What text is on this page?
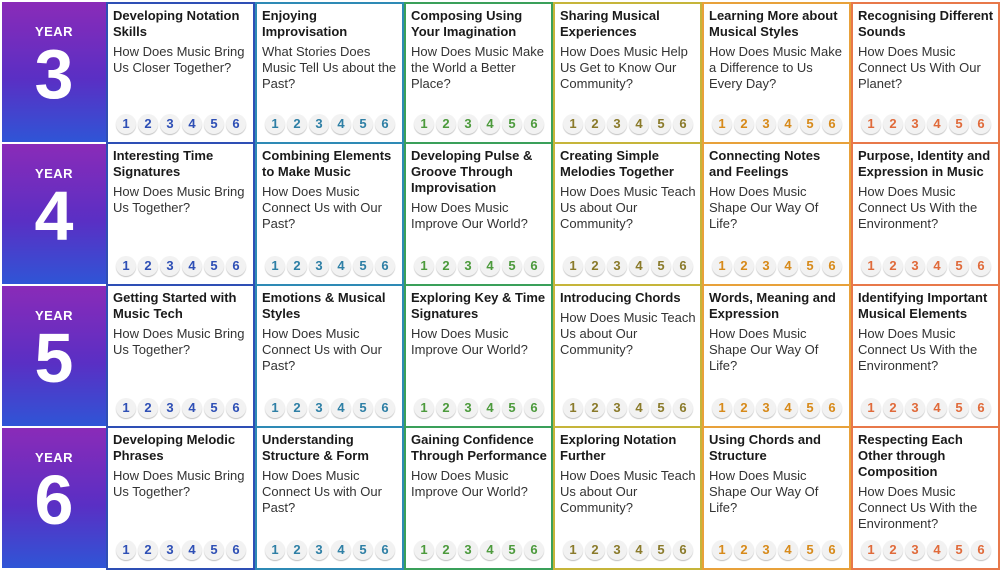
YEAR
3
Developing Notation Skills
How Does Music Bring Us Closer Together?
1	2	3	4	5	6
Enjoying Improvisation
What Stories Does Music Tell Us about the Past?
1	2	3	4	5	6
Composing Using Your Imagination
How Does Music Make the World a Better Place?
1	2	3	4	5	6
Sharing Musical Experiences
How Does Music Help Us Get to Know Our Community?
1	2	3	4	5	6
Learning More about Musical Styles
How Does Music Make a Difference to Us Every Day?
1	2	3	4	5	6
Recognising Different Sounds
How Does Music Connect Us With Our Planet?
1	2	3	4	5	6
YEAR
4
Interesting Time Signatures
How Does Music Bring Us Together?
1	2	3	4	5	6
Combining Elements to Make Music
How Does Music Connect Us with Our Past?
1	2	3	4	5	6
Developing Pulse & Groove Through Improvisation
How Does Music Improve Our World?
1	2	3	4	5	6
Creating Simple Melodies Together
How Does Music Teach Us about Our Community?
1	2	3	4	5	6
Connecting Notes and Feelings
How Does Music Shape Our Way Of Life?
1	2	3	4	5	6
Purpose, Identity and Expression in Music
How Does Music Connect Us With the Environment?
1	2	3	4	5	6
YEAR
5
Getting Started with Music Tech
How Does Music Bring Us Together?
1	2	3	4	5	6
Emotions & Musical Styles
How Does Music Connect Us with Our Past?
1	2	3	4	5	6
Exploring Key & Time Signatures
How Does Music Improve Our World?
1	2	3	4	5	6
Introducing Chords
How Does Music Teach Us about Our Community?
1	2	3	4	5	6
Words, Meaning and Expression
How Does Music Shape Our Way Of Life?
1	2	3	4	5	6
Identifying Important Musical Elements
How Does Music Connect Us With the Environment?
1	2	3	4	5	6
YEAR
6
Developing Melodic Phrases
How Does Music Bring Us Together?
1	2	3	4	5	6
Understanding Structure & Form
How Does Music Connect Us with Our Past?
1	2	3	4	5	6
Gaining Confidence Through Performance
How Does Music Improve Our World?
1	2	3	4	5	6
Exploring Notation Further
How Does Music Teach Us about Our Community?
1	2	3	4	5	6
Using Chords and Structure
How Does Music Shape Our Way Of Life?
1	2	3	4	5	6
Respecting Each Other through Composition
How Does Music Connect Us With the Environment?
1	2	3	4	5	6
